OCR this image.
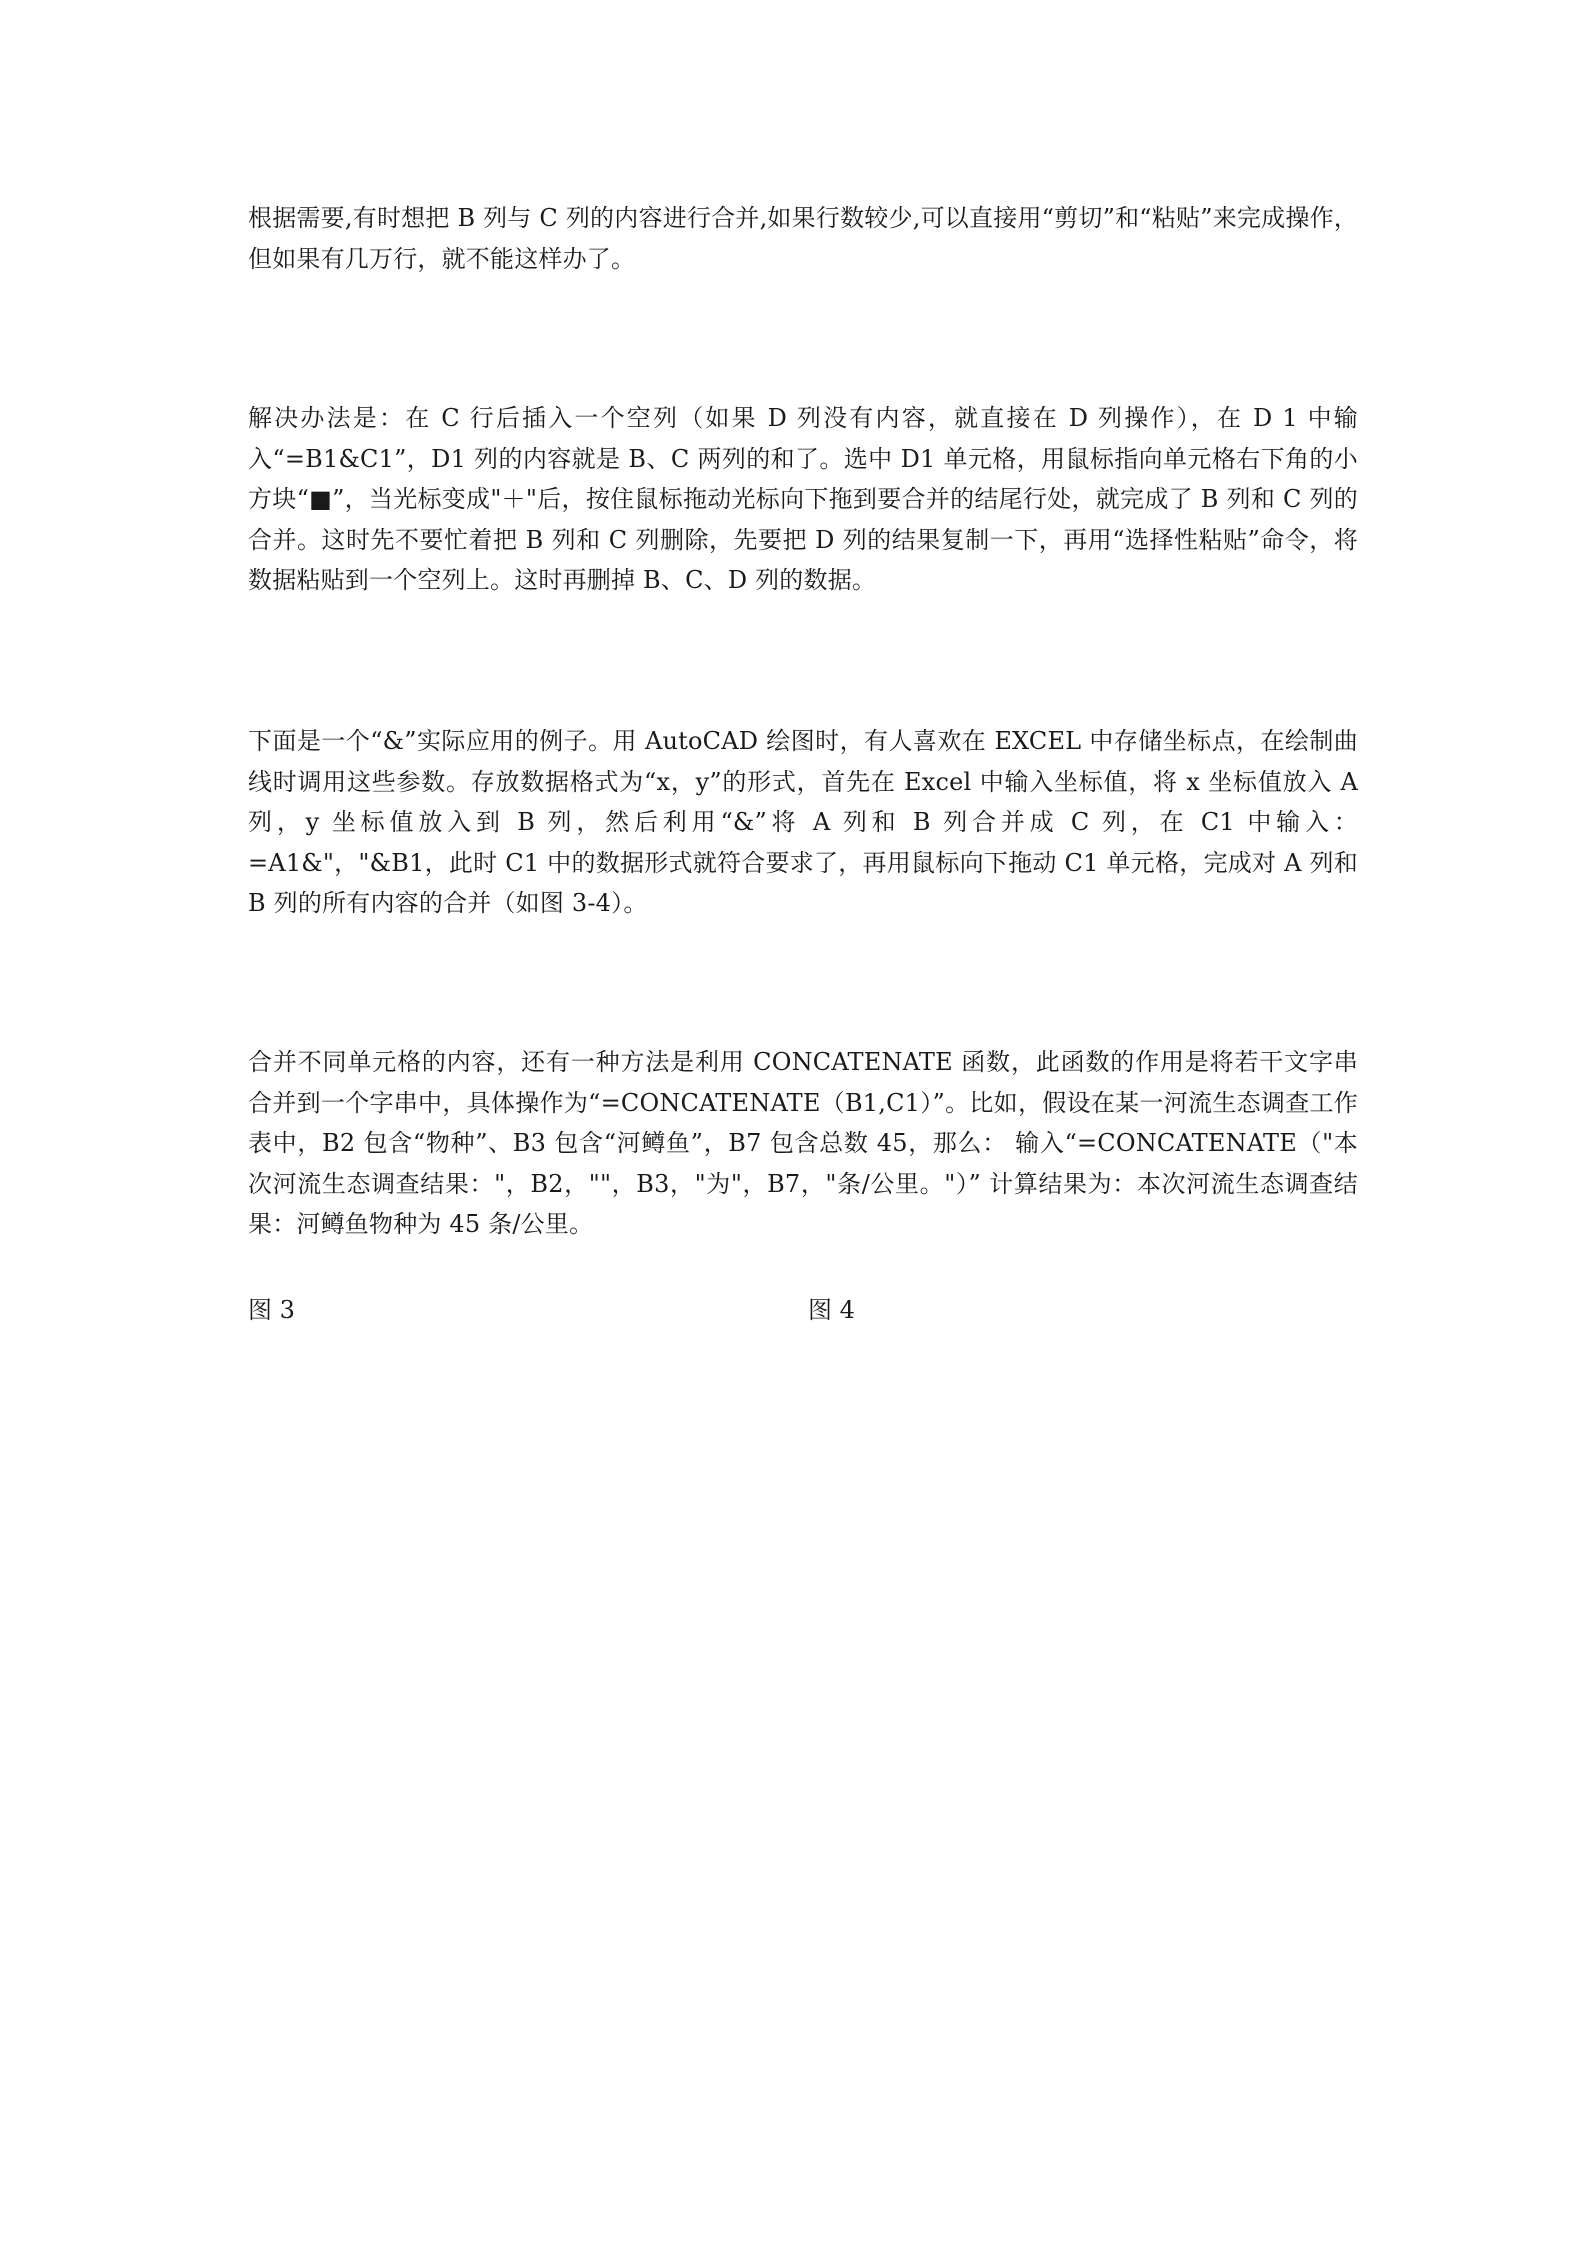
根据需要,有时想把 B 列与 C 列的内容进行合并,如果行数较少,可以直接用“剪切”和“粘贴”来完成操作，但如果有几万行，就不能这样办了。

解决办法是：在 C 行后插入一个空列（如果 D 列没有内容，就直接在 D 列操作），在 D 1 中输入“=B1&C1”，D1 列的内容就是 B、C 两列的和了。选中 D1 单元格，用鼠标指向单元格右下角的小方块“■”，当光标变成"＋"后，按住鼠标拖动光标向下拖到要合并的结尾行处，就完成了 B 列和 C 列的合并。这时先不要忙着把 B 列和 C 列删除，先要把 D 列的结果复制一下，再用“选择性粘贴”命令，将数据粘贴到一个空列上。这时再删掉 B、C、D 列的数据。

下面是一个“&”实际应用的例子。用 AutoCAD 绘图时，有人喜欢在 EXCEL 中存储坐标点，在绘制曲线时调用这些参数。存放数据格式为“x，y”的形式，首先在 Excel 中输入坐标值，将 x 坐标值放入 A 列，y 坐标值放入到 B 列，然后利用“&”将 A 列和 B 列合并成 C 列，在 C1 中输入：=A1&"，"&B1，此时 C1 中的数据形式就符合要求了，再用鼠标向下拖动 C1 单元格，完成对 A 列和 B 列的所有内容的合并（如图 3-4）。

合并不同单元格的内容，还有一种方法是利用 CONCATENATE 函数，此函数的作用是将若干文字串合并到一个字串中，具体操作为“=CONCATENATE（B1,C1）”。比如，假设在某一河流生态调查工作表中，B2 包含“物种”、B3 包含“河鳟鱼”，B7 包含总数 45，那么： 输入“=CONCATENATE（"本次河流生态调查结果："，B2，""，B3，"为"，B7，"条/公里。"）” 计算结果为：本次河流生态调查结果：河鳟鱼物种为 45 条/公里。

图 3	图 4
